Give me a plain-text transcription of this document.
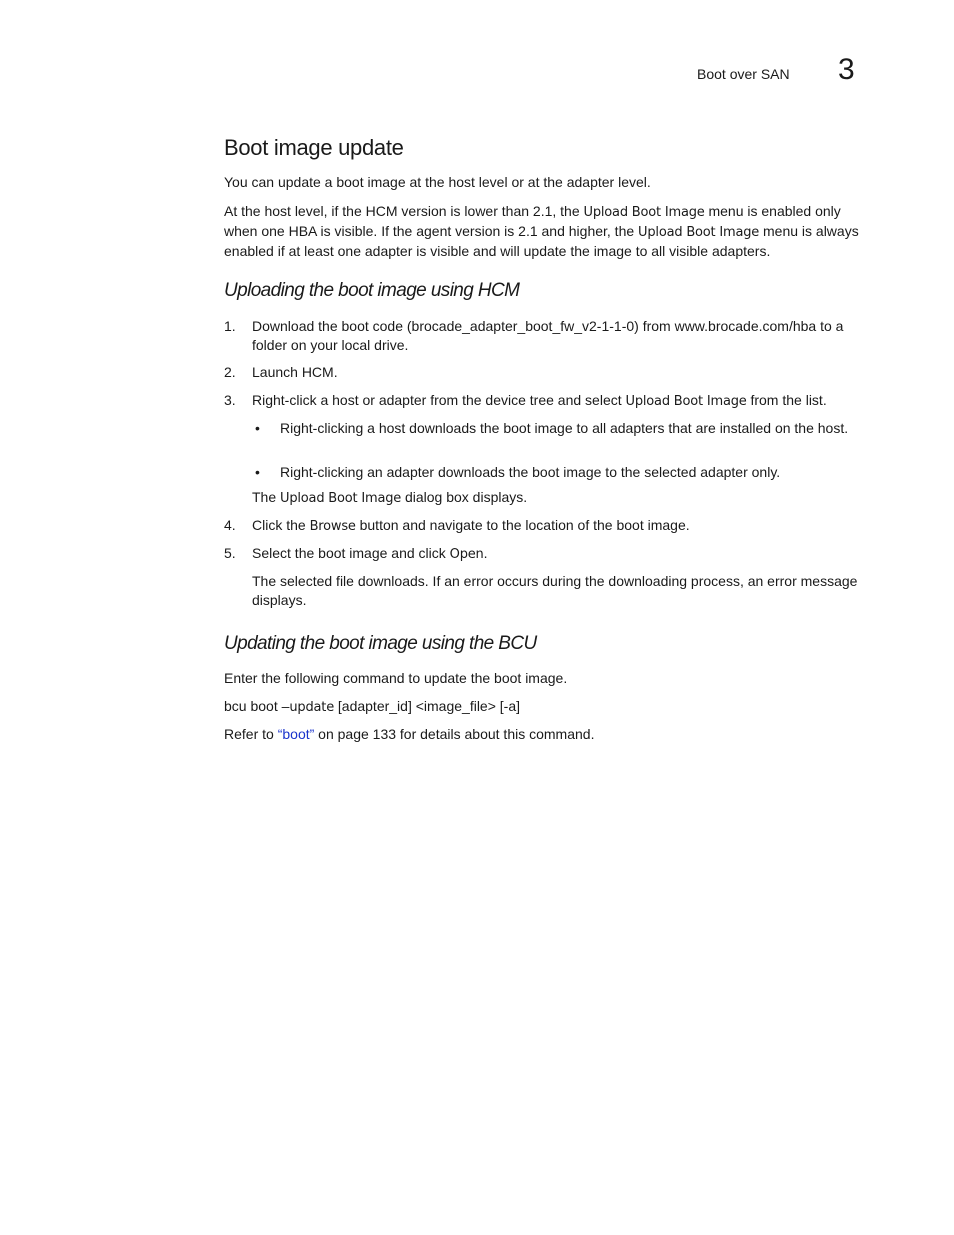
Boot over SAN 3
Boot image update
You can update a boot image at the host level or at the adapter level.
At the host level, if the HCM version is lower than 2.1, the Upload Boot Image menu is enabled only when one HBA is visible. If the agent version is 2.1 and higher, the Upload Boot Image menu is always enabled if at least one adapter is visible and will update the image to all visible adapters.
Uploading the boot image using HCM
1. Download the boot code (brocade_adapter_boot_fw_v2-1-1-0) from www.brocade.com/hba to a folder on your local drive.
2. Launch HCM.
3. Right-click a host or adapter from the device tree and select Upload Boot Image from the list.
• Right-clicking a host downloads the boot image to all adapters that are installed on the host.
• Right-clicking an adapter downloads the boot image to the selected adapter only.
The Upload Boot Image dialog box displays.
4. Click the Browse button and navigate to the location of the boot image.
5. Select the boot image and click Open.
The selected file downloads. If an error occurs during the downloading process, an error message displays.
Updating the boot image using the BCU
Enter the following command to update the boot image.
bcu boot –update [adapter_id] <image_file> [-a]
Refer to “boot” on page 133 for details about this command.
